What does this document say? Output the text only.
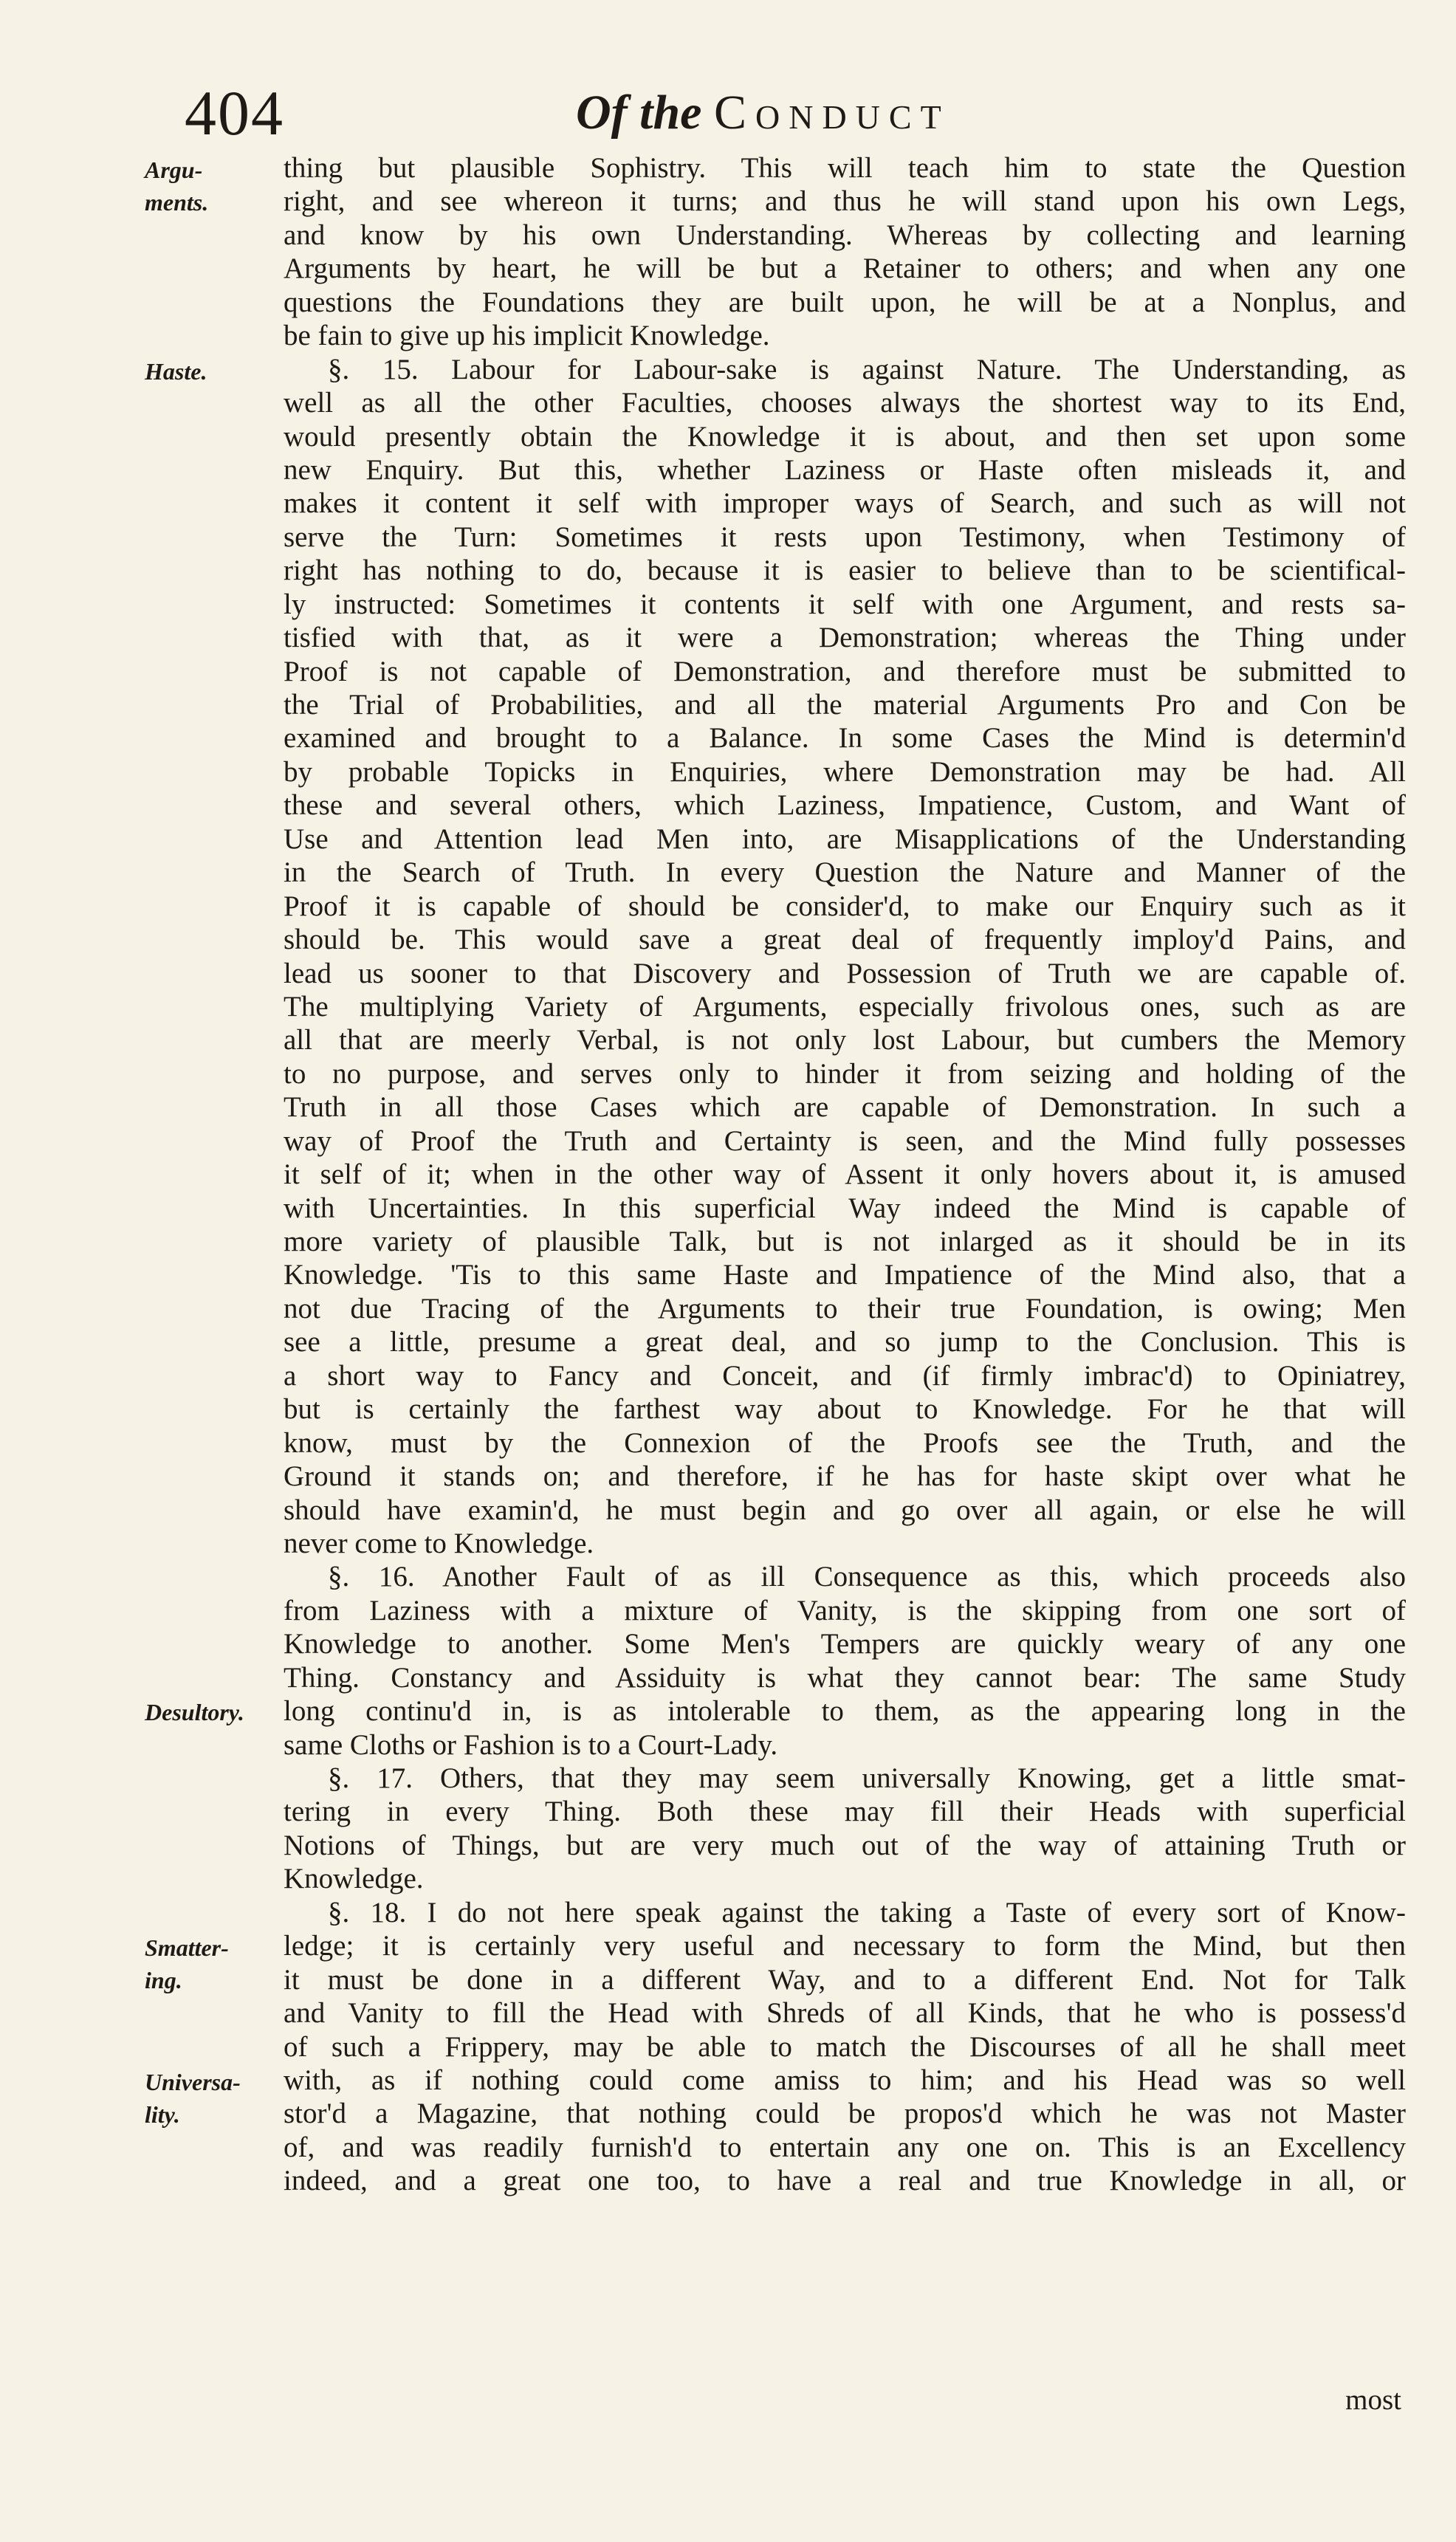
404	Of the Conduct
Argu-
ments.
Haste.
Desultory.
Smatter-
ing.
Universa-
lity.
thing but plausible Sophistry. This will teach him to state the Question
right, and see whereon it turns; and thus he will stand upon his own Legs,
and know by his own Understanding. Whereas by collecting and learning
Arguments by heart, he will be but a Retainer to others; and when any one
questions the Foundations they are built upon, he will be at a Nonplus, and
be fain to give up his implicit Knowledge.
§. 15. Labour for Labour-sake is against Nature. The Understanding, as
well as all the other Faculties, chooses always the shortest way to its End,
would presently obtain the Knowledge it is about, and then set upon some
new Enquiry. But this, whether Laziness or Haste often misleads it, and
makes it content it self with improper ways of Search, and such as will not
serve the Turn: Sometimes it rests upon Testimony, when Testimony of
right has nothing to do, because it is easier to believe than to be scientifical-
ly instructed: Sometimes it contents it self with one Argument, and rests sa-
tisfied with that, as it were a Demonstration; whereas the Thing under
Proof is not capable of Demonstration, and therefore must be submitted to
the Trial of Probabilities, and all the material Arguments Pro and Con be
examined and brought to a Balance. In some Cases the Mind is determin'd
by probable Topicks in Enquiries, where Demonstration may be had. All
these and several others, which Laziness, Impatience, Custom, and Want of
Use and Attention lead Men into, are Misapplications of the Understanding
in the Search of Truth. In every Question the Nature and Manner of the
Proof it is capable of should be consider'd, to make our Enquiry such as it
should be. This would save a great deal of frequently imploy'd Pains, and
lead us sooner to that Discovery and Possession of Truth we are capable of.
The multiplying Variety of Arguments, especially frivolous ones, such as are
all that are meerly Verbal, is not only lost Labour, but cumbers the Memory
to no purpose, and serves only to hinder it from seizing and holding of the
Truth in all those Cases which are capable of Demonstration. In such a
way of Proof the Truth and Certainty is seen, and the Mind fully possesses
it self of it; when in the other way of Assent it only hovers about it, is amused
with Uncertainties. In this superficial Way indeed the Mind is capable of
more variety of plausible Talk, but is not inlarged as it should be in its
Knowledge. 'Tis to this same Haste and Impatience of the Mind also, that a
not due Tracing of the Arguments to their true Foundation, is owing; Men
see a little, presume a great deal, and so jump to the Conclusion. This is
a short way to Fancy and Conceit, and (if firmly imbrac'd) to Opiniatrey,
but is certainly the farthest way about to Knowledge. For he that will
know, must by the Connexion of the Proofs see the Truth, and the
Ground it stands on; and therefore, if he has for haste skipt over what he
should have examin'd, he must begin and go over all again, or else he will
never come to Knowledge.
§. 16. Another Fault of as ill Consequence as this, which proceeds also
from Laziness with a mixture of Vanity, is the skipping from one sort of
Knowledge to another. Some Men's Tempers are quickly weary of any one
Thing. Constancy and Assiduity is what they cannot bear: The same Study
long continu'd in, is as intolerable to them, as the appearing long in the
same Cloths or Fashion is to a Court-Lady.
§. 17. Others, that they may seem universally Knowing, get a little smat-
tering in every Thing. Both these may fill their Heads with superficial
Notions of Things, but are very much out of the way of attaining Truth or
Knowledge.
§. 18. I do not here speak against the taking a Taste of every sort of Know-
ledge; it is certainly very useful and necessary to form the Mind, but then
it must be done in a different Way, and to a different End. Not for Talk
and Vanity to fill the Head with Shreds of all Kinds, that he who is possess'd
of such a Frippery, may be able to match the Discourses of all he shall meet
with, as if nothing could come amiss to him; and his Head was so well
stor'd a Magazine, that nothing could be propos'd which he was not Master
of, and was readily furnish'd to entertain any one on. This is an Excellency
indeed, and a great one too, to have a real and true Knowledge in all, or
most
